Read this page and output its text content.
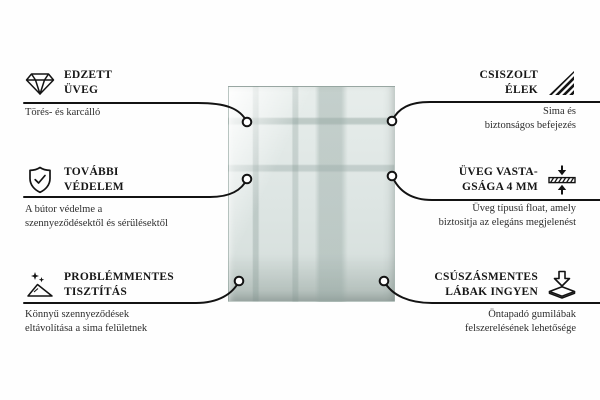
EDZETT
ÜVEG
Törés- és karcálló
TOVÁBBI
VÉDELEM
A bútor védelme a
szennyeződésektől és sérülésektől
PROBLÉMMENTES
TISZTÍTÁS
Könnyű szennyeződések
eltávolítása a sima felületnek
CSISZOLT
ÉLEK
Sima és
biztonságos befejezés
ÜVEG VASTA-
GSÁGA 4 MM
Üveg típusú float, amely
biztositja az elegáns megjelenést
CSÚSZÁSMENTES
LÁBAK INGYEN
Öntapadó gumilábak
felszerelésének lehetősége
